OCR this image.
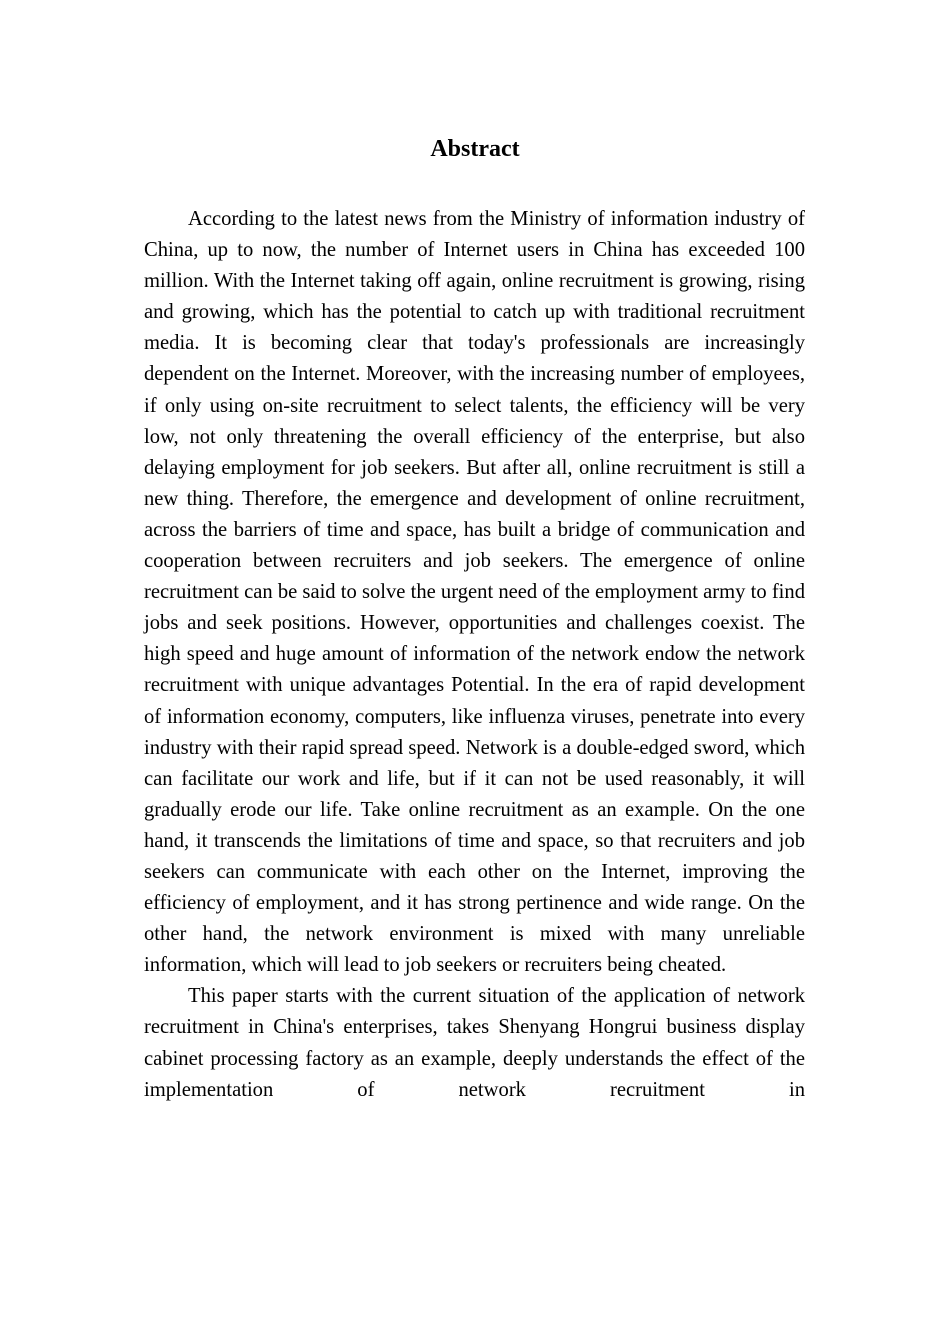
Abstract

According to the latest news from the Ministry of information industry of China, up to now, the number of Internet users in China has exceeded 100 million. With the Internet taking off again, online recruitment is growing, rising and growing, which has the potential to catch up with traditional recruitment media. It is becoming clear that today's professionals are increasingly dependent on the Internet. Moreover, with the increasing number of employees, if only using on-site recruitment to select talents, the efficiency will be very low, not only threatening the overall efficiency of the enterprise, but also delaying employment for job seekers. But after all, online recruitment is still a new thing. Therefore, the emergence and development of online recruitment, across the barriers of time and space, has built a bridge of communication and cooperation between recruiters and job seekers. The emergence of online recruitment can be said to solve the urgent need of the employment army to find jobs and seek positions. However, opportunities and challenges coexist. The high speed and huge amount of information of the network endow the network recruitment with unique advantages Potential. In the era of rapid development of information economy, computers, like influenza viruses, penetrate into every industry with their rapid spread speed. Network is a double-edged sword, which can facilitate our work and life, but if it can not be used reasonably, it will gradually erode our life. Take online recruitment as an example. On the one hand, it transcends the limitations of time and space, so that recruiters and job seekers can communicate with each other on the Internet, improving the efficiency of employment, and it has strong pertinence and wide range. On the other hand, the network environment is mixed with many unreliable information, which will lead to job seekers or recruiters being cheated.

This paper starts with the current situation of the application of network recruitment in China's enterprises, takes Shenyang Hongrui business display cabinet processing factory as an example, deeply understands the effect of the implementation of network recruitment in
